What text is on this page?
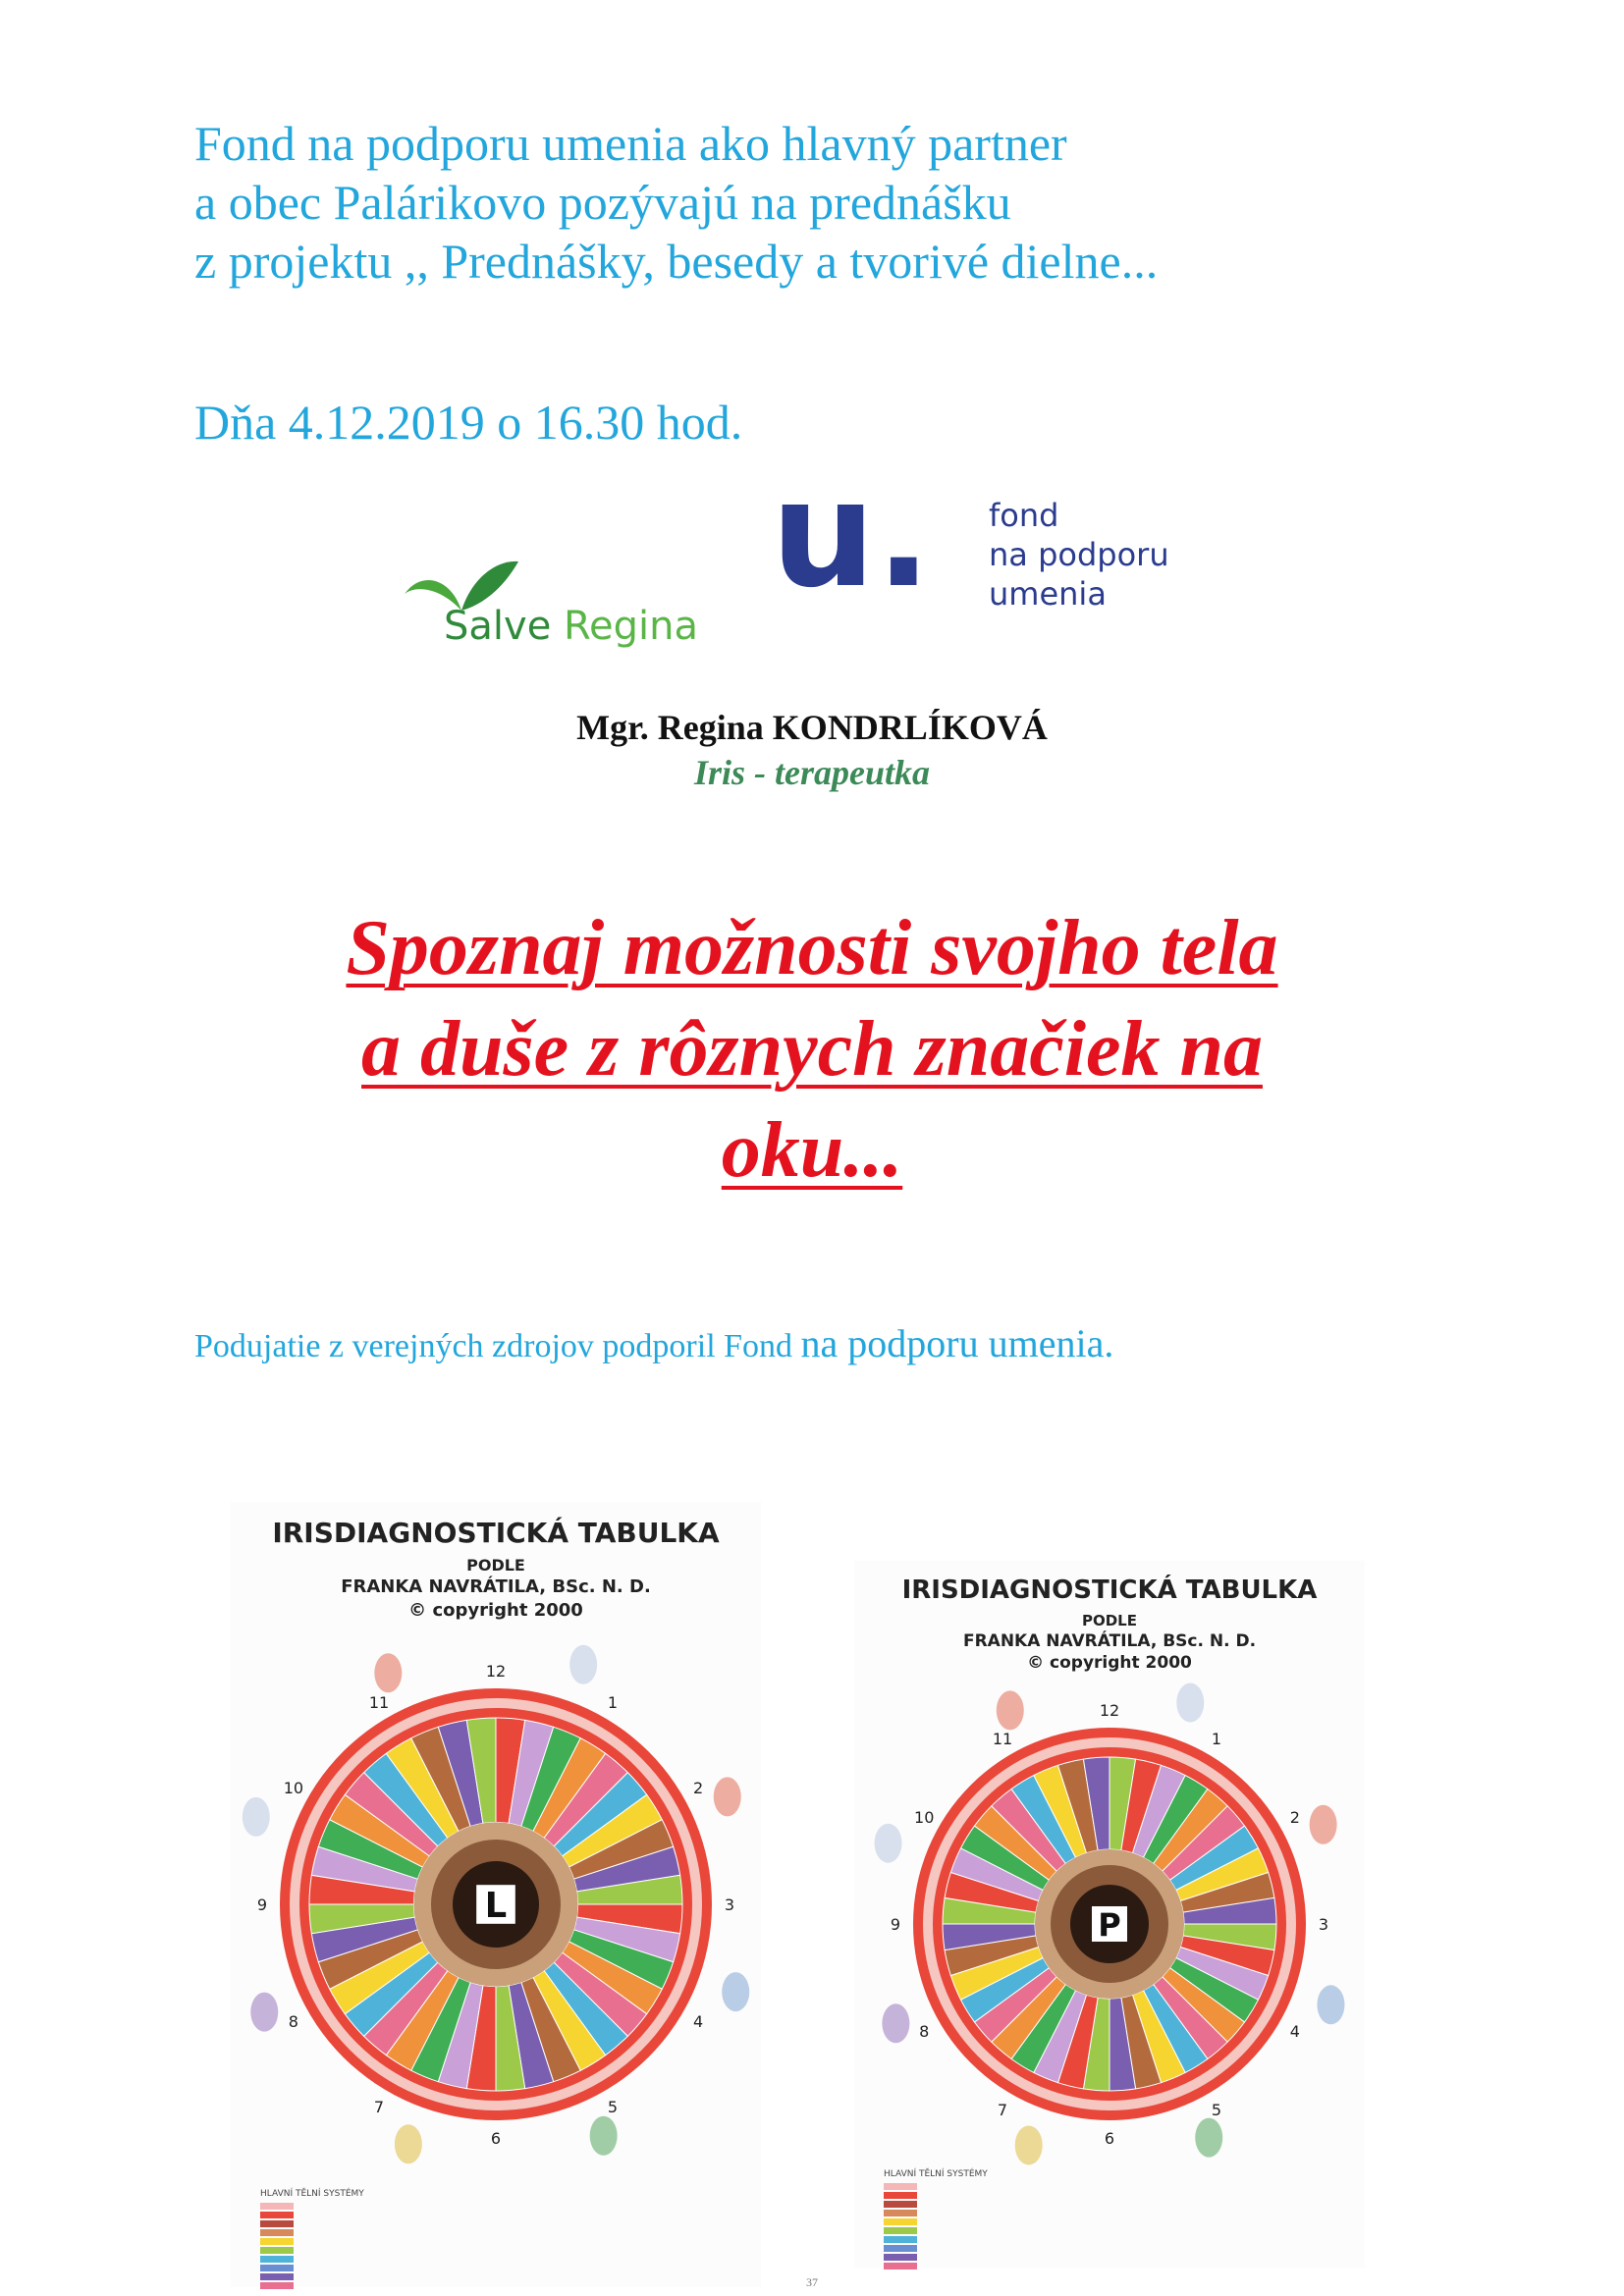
Fond na podporu umenia ako hlavný partner
a obec Palárikovo pozývajú na prednášku
z projektu ,, Prednášky, besedy a tvorivé dielne...
Dňa 4.12.2019 o 16.30 hod.
Salve Regina
u. fond
na podporu
umenia
Mgr. Regina KONDRLÍKOVÁ
Iris - terapeutka
Spoznaj možnosti svojho tela
a duše z rôznych značiek na
oku...
Podujatie z verejných zdrojov podporil Fond na podporu umenia.
IRISDIAGNOSTICKÁ TABULKA
PODLE
FRANKA NAVRÁTILA, BSc. N. D.
© copyright 2000
L
12
1
2
3
4
5
6
7
8
9
10
11
HLAVNÍ TĚLNÍ SYSTÉMY
IRISDIAGNOSTICKÁ TABULKA
PODLE
FRANKA NAVRÁTILA, BSc. N. D.
© copyright 2000
P
12
1
2
3
4
5
6
7
8
9
10
11
HLAVNÍ TĚLNÍ SYSTÉMY
37
